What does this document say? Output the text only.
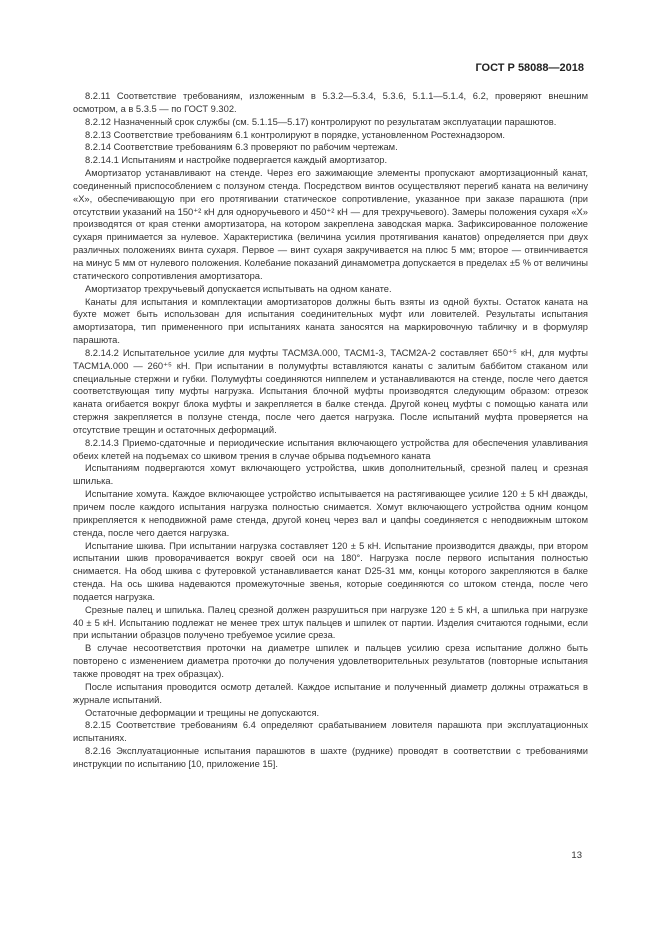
ГОСТ Р 58088—2018

8.2.11 Соответствие требованиям, изложенным в 5.3.2—5.3.4, 5.3.6, 5.1.1—5.1.4, 6.2, проверяют внешним осмотром, а в 5.3.5 — по ГОСТ 9.302.

8.2.12 Назначенный срок службы (см. 5.1.15—5.17) контролируют по результатам эксплуатации парашютов.

8.2.13 Соответствие требованиям 6.1 контролируют в порядке, установленном Ростехнадзором.

8.2.14 Соответствие требованиям 6.3 проверяют по рабочим чертежам.

8.2.14.1 Испытаниям и настройке подвергается каждый амортизатор.

Амортизатор устанавливают на стенде. Через его зажимающие элементы пропускают амортизационный канат, соединенный приспособлением с ползуном стенда. Посредством винтов осуществляют перегиб каната на величину «Х», обеспечивающую при его протягивании статическое сопротивление, указанное при заказе парашюта (при отсутствии указаний на 150⁺² кН для одноручьевого и 450⁺² кН — для трехручьевого). Замеры положения сухаря «Х» производятся от края стенки амортизатора, на котором закреплена заводская марка. Зафиксированное положение сухаря принимается за нулевое. Характеристика (величина усилия протягивания канатов) определяется при двух различных положениях винта сухаря. Первое — винт сухаря закручивается на плюс 5 мм; второе — отвинчивается на минус 5 мм от нулевого положения. Колебание показаний динамометра допускается в пределах ±5 % от величины статического сопротивления амортизатора.

Амортизатор трехручьевый допускается испытывать на одном канате.

Канаты для испытания и комплектации амортизаторов должны быть взяты из одной бухты. Остаток каната на бухте может быть использован для испытания соединительных муфт или ловителей. Результаты испытания амортизатора, тип примененного при испытаниях каната заносятся на маркировочную табличку и в формуляр парашюта.

8.2.14.2 Испытательное усилие для муфты ТАСМ3А.000, ТАСМ1-3, ТАСМ2А-2 составляет 650⁺⁵ кН, для муфты ТАСМ1А.000 — 260⁺⁵ кН. При испытании в полумуфты вставляются канаты с залитым баббитом стаканом или специальные стержни и губки. Полумуфты соединяются ниппелем и устанавливаются на стенде, после чего дается соответствующая типу муфты нагрузка. Испытания блочной муфты производятся следующим образом: отрезок каната огибается вокруг блока муфты и закрепляется в балке стенда. Другой конец муфты с помощью каната или стержня закрепляется в ползуне стенда, после чего дается нагрузка. После испытаний муфта проверяется на отсутствие трещин и остаточных деформаций.

8.2.14.3 Приемо-сдаточные и периодические испытания включающего устройства для обеспечения улавливания обеих клетей на подъемах со шкивом трения в случае обрыва подъемного каната

Испытаниям подвергаются хомут включающего устройства, шкив дополнительный, срезной палец и срезная шпилька.

Испытание хомута. Каждое включающее устройство испытывается на растягивающее усилие 120 ± 5 кН дважды, причем после каждого испытания нагрузка полностью снимается. Хомут включающего устройства одним концом прикрепляется к неподвижной раме стенда, другой конец через вал и цапфы соединяется с неподвижным штоком стенда, после чего дается нагрузка.

Испытание шкива. При испытании нагрузка составляет 120 ± 5 кН. Испытание производится дважды, при втором испытании шкив проворачивается вокруг своей оси на 180°. Нагрузка после первого испытания полностью снимается. На обод шкива с футеровкой устанавливается канат D25-31 мм, концы которого закрепляются в балке стенда. На ось шкива надеваются промежуточные звенья, которые соединяются со штоком стенда, после чего подается нагрузка.

Срезные палец и шпилька. Палец срезной должен разрушиться при нагрузке 120 ± 5 кН, а шпилька при нагрузке 40 ± 5 кН. Испытанию подлежат не менее трех штук пальцев и шпилек от партии. Изделия считаются годными, если при испытании образцов получено требуемое усилие среза.

В случае несоответствия проточки на диаметре шпилек и пальцев усилию среза испытание должно быть повторено с изменением диаметра проточки до получения удовлетворительных результатов (повторные испытания также проводят на трех образцах).

После испытания проводится осмотр деталей. Каждое испытание и полученный диаметр должны отражаться в журнале испытаний.

Остаточные деформации и трещины не допускаются.

8.2.15 Соответствие требованиям 6.4 определяют срабатыванием ловителя парашюта при эксплуатационных испытаниях.

8.2.16 Эксплуатационные испытания парашютов в шахте (руднике) проводят в соответствии с требованиями инструкции по испытанию [10, приложение 15].

13
